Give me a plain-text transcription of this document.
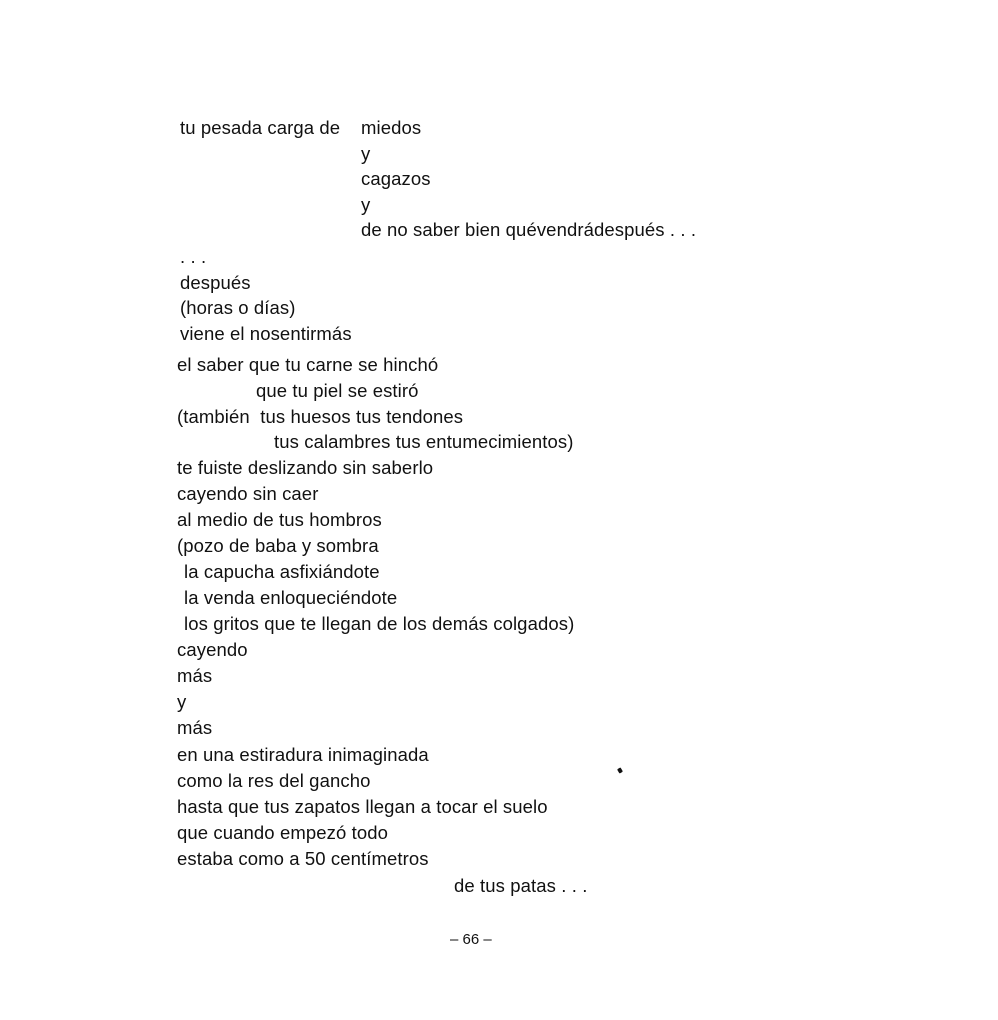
tu pesada carga de miedos
y
cagazos
y
de no saber bien quévendrádespués . . .
. . .
después
(horas o días)
viene el nosentirmás
el saber que tu carne se hinchó
que tu piel se estiró
(también  tus huesos tus tendones
tus calambres tus entumecimientos)
te fuiste deslizando sin saberlo
cayendo sin caer
al medio de tus hombros
(pozo de baba y sombra
la capucha asfixiándote
la venda enloqueciéndote
los gritos que te llegan de los demás colgados)
cayendo
más
y
más
en una estiradura inimaginada
como la res del gancho
hasta que tus zapatos llegan a tocar el suelo
que cuando empezó todo
estaba como a 50 centímetros
de tus patas . . .
– 66 –
